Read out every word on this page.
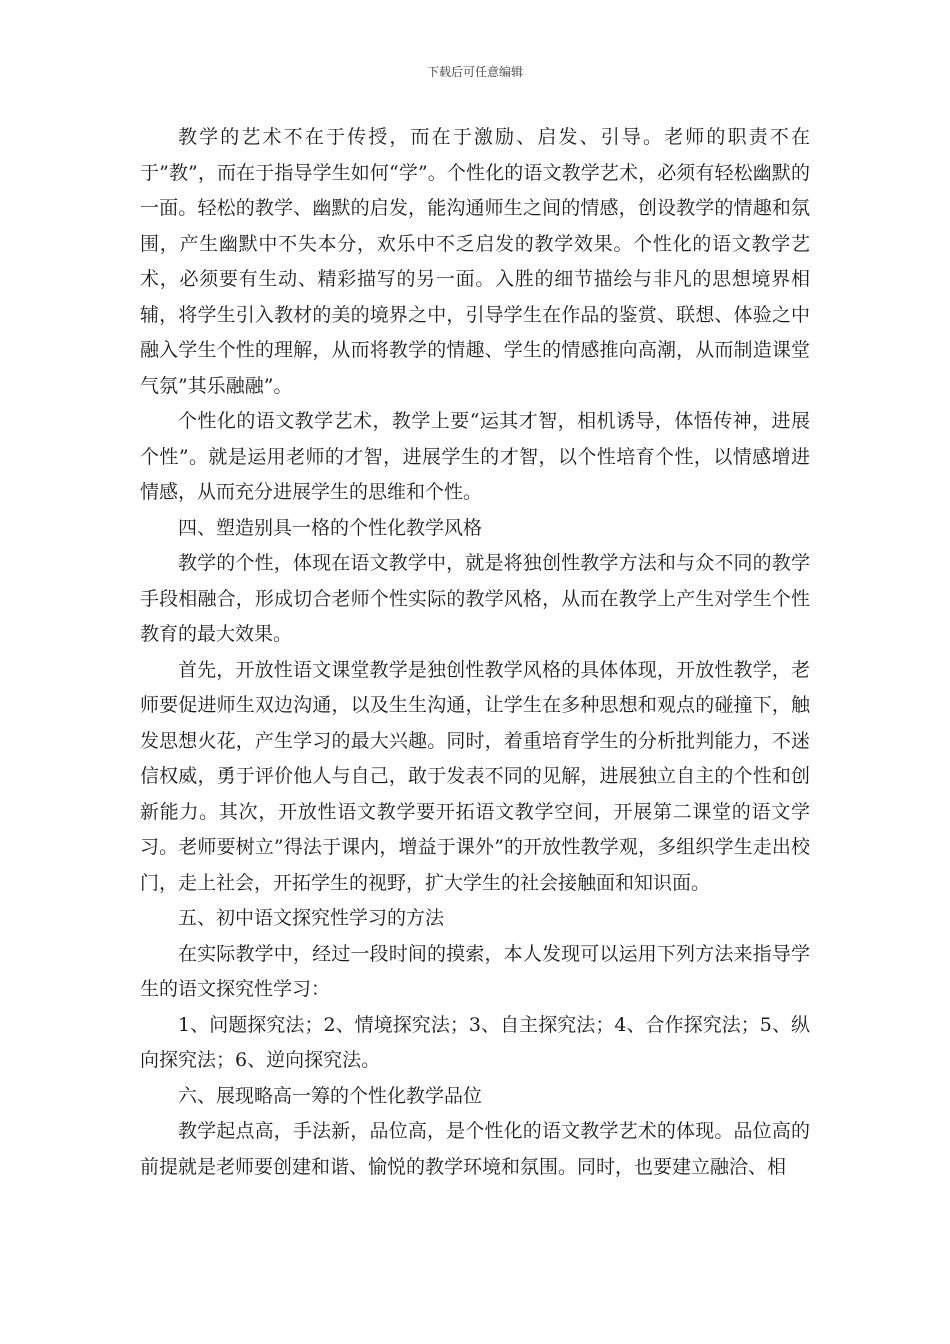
下载后可任意编辑

教学的艺术不在于传授，而在于激励、启发、引导。老师的职责不在于”教”，而在于指导学生如何“学”。个性化的语文教学艺术，必须有轻松幽默的一面。轻松的教学、幽默的启发，能沟通师生之间的情感，创设教学的情趣和氛围，产生幽默中不失本分，欢乐中不乏启发的教学效果。个性化的语文教学艺术，必须要有生动、精彩描写的另一面。入胜的细节描绘与非凡的思想境界相辅，将学生引入教材的美的境界之中，引导学生在作品的鉴赏、联想、体验之中融入学生个性的理解，从而将教学的情趣、学生的情感推向高潮，从而制造课堂气氛”其乐融融”。

个性化的语文教学艺术，教学上要“运其才智，相机诱导，体悟传神，进展个性”。就是运用老师的才智，进展学生的才智，以个性培育个性，以情感增进情感，从而充分进展学生的思维和个性。

四、塑造别具一格的个性化教学风格

教学的个性，体现在语文教学中，就是将独创性教学方法和与众不同的教学手段相融合，形成切合老师个性实际的教学风格，从而在教学上产生对学生个性教育的最大效果。

首先，开放性语文课堂教学是独创性教学风格的具体体现，开放性教学，老师要促进师生双边沟通，以及生生沟通，让学生在多种思想和观点的碰撞下，触发思想火花，产生学习的最大兴趣。同时，着重培育学生的分析批判能力，不迷信权威，勇于评价他人与自己，敢于发表不同的见解，进展独立自主的个性和创新能力。其次，开放性语文教学要开拓语文教学空间，开展第二课堂的语文学习。老师要树立”得法于课内，增益于课外”的开放性教学观，多组织学生走出校门，走上社会，开拓学生的视野，扩大学生的社会接触面和知识面。

五、初中语文探究性学习的方法

在实际教学中，经过一段时间的摸索，本人发现可以运用下列方法来指导学生的语文探究性学习：

1、问题探究法；2、情境探究法；3、自主探究法；4、合作探究法；5、纵向探究法；6、逆向探究法。

六、展现略高一筹的个性化教学品位

教学起点高，手法新，品位高，是个性化的语文教学艺术的体现。品位高的前提就是老师要创建和谐、愉悦的教学环境和氛围。同时，也要建立融洽、相
